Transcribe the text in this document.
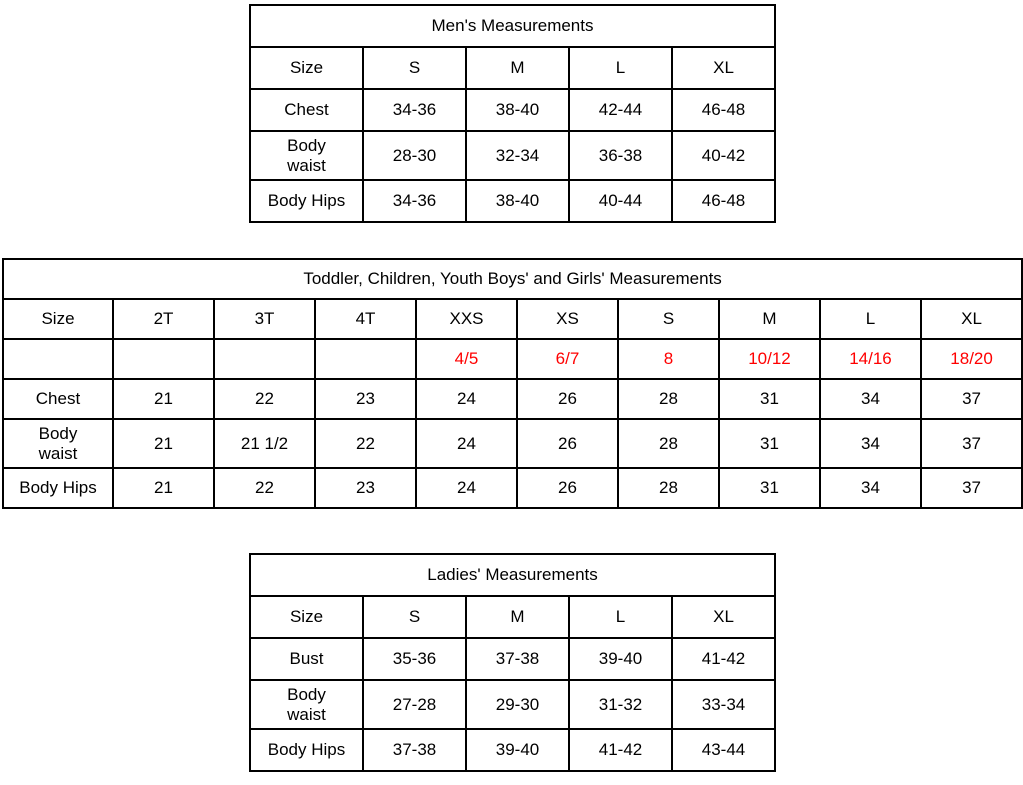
Men's Measurements				
Size	S	M	L	XL
Chest	34-36	38-40	42-44	46-48
Body
waist	28-30	32-34	36-38	40-42
Body Hips	34-36	38-40	40-44	46-48
Toddler, Children, Youth Boys' and Girls' Measurements									
Size	2T	3T	4T	XXS	XS	S	M	L	XL
				4/5	6/7	8	10/12	14/16	18/20
Chest	21	22	23	24	26	28	31	34	37
Body
waist	21	21 1/2	22	24	26	28	31	34	37
Body Hips	21	22	23	24	26	28	31	34	37
Ladies' Measurements				
Size	S	M	L	XL
Bust	35-36	37-38	39-40	41-42
Body
waist	27-28	29-30	31-32	33-34
Body Hips	37-38	39-40	41-42	43-44
